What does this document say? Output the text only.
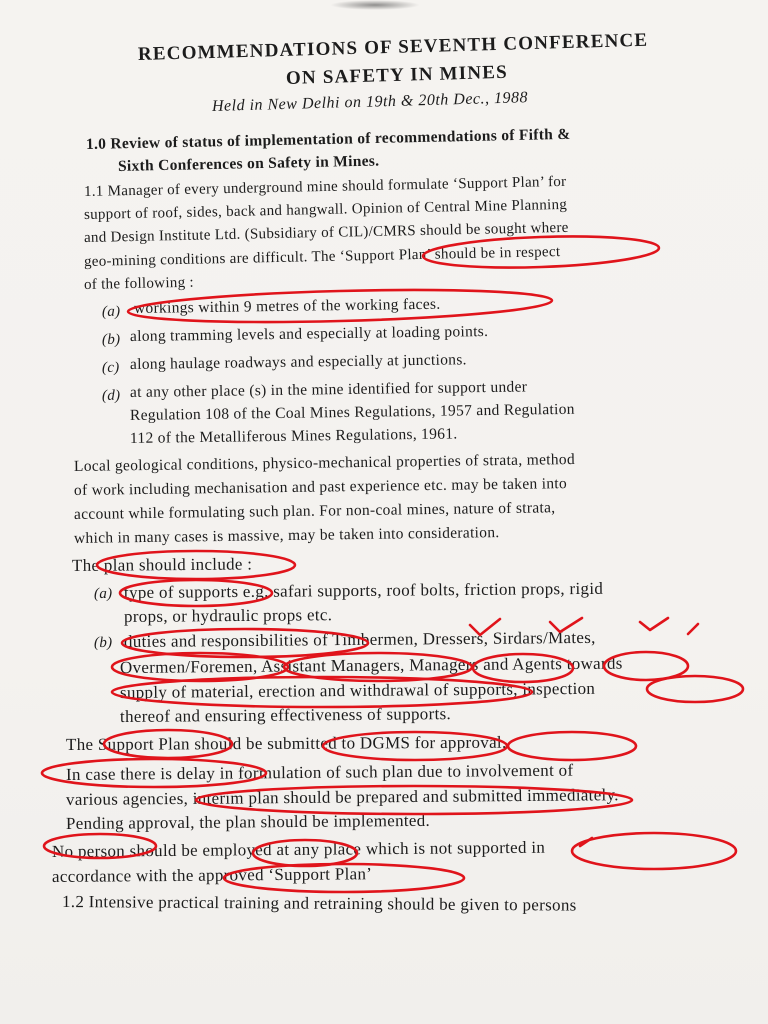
RECOMMENDATIONS OF SEVENTH CONFERENCE
ON SAFETY IN MINES
Held in New Delhi on 19th & 20th Dec., 1988
1.0 Review of status of implementation of recommendations of Fifth &
Sixth Conferences on Safety in Mines.
1.1 Manager of every underground mine should formulate ‘Support Plan’ for
support of roof, sides, back and hangwall. Opinion of Central Mine Planning
and Design Institute Ltd. (Subsidiary of CIL)/CMRS should be sought where
geo-mining conditions are difficult. The ‘Support Plan’ should be in respect
of the following :
(a) workings within 9 metres of the working faces.
(b) along tramming levels and especially at loading points.
(c) along haulage roadways and especially at junctions.
(d) at any other place (s) in the mine identified for support under
Regulation 108 of the Coal Mines Regulations, 1957 and Regulation
112 of the Metalliferous Mines Regulations, 1961.
Local geological conditions, physico-mechanical properties of strata, method
of work including mechanisation and past experience etc. may be taken into
account while formulating such plan. For non-coal mines, nature of strata,
which in many cases is massive, may be taken into consideration.
The plan should include :
(a) type of supports e.g. safari supports, roof bolts, friction props, rigid
props, or hydraulic props etc.
(b) duties and responsibilities of Timbermen, Dressers, Sirdars/Mates,
Overmen/Foremen, Assistant Managers, Managers and Agents towards
supply of material, erection and withdrawal of supports, inspection
thereof and ensuring effectiveness of supports.
The Support Plan should be submitted to DGMS for approval.
In case there is delay in formulation of such plan due to involvement of
various agencies, interim plan should be prepared and submitted immediately.
Pending approval, the plan should be implemented.
No person should be employed at any place which is not supported in
accordance with the approved ‘Support Plan’
1.2 Intensive practical training and retraining should be given to persons
